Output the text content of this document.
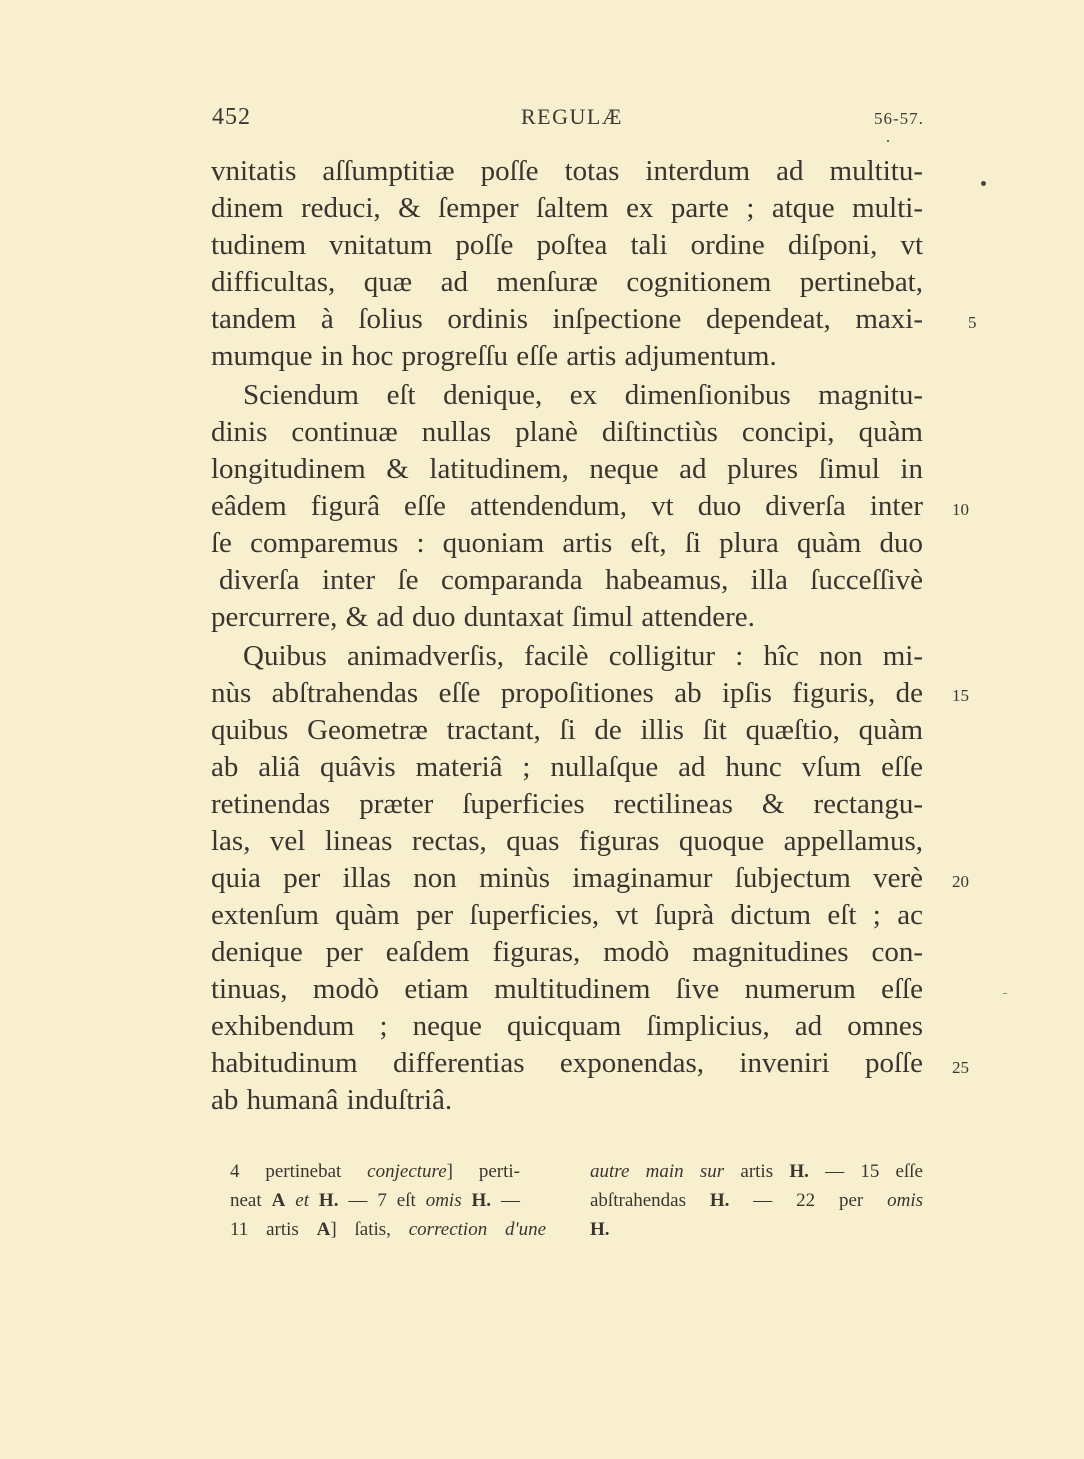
452	REGULÆ	56-57.
vnitatis aſſumptitiæ poſſe totas interdum ad multitu-
dinem reduci, & ſemper ſaltem ex parte ; atque multi-
tudinem vnitatum poſſe poſtea tali ordine diſponi, vt
difficultas, quæ ad menſuræ cognitionem pertinebat,
tandem à ſolius ordinis inſpectione dependeat, maxi-
mumque in hoc progreſſu eſſe artis adjumentum.
Sciendum eſt denique, ex dimenſionibus magnitu-
dinis continuæ nullas planè diſtinctiùs concipi, quàm
longitudinem & latitudinem, neque ad plures ſimul in
eâdem figurâ eſſe attendendum, vt duo diverſa inter
ſe comparemus : quoniam artis eſt, ſi plura quàm duo
diverſa inter ſe comparanda habeamus, illa ſucceſſivè
percurrere, & ad duo duntaxat ſimul attendere.
Quibus animadverſis, facilè colligitur : hîc non mi-
nùs abſtrahendas eſſe propoſitiones ab ipſis figuris, de
quibus Geometræ tractant, ſi de illis ſit quæſtio, quàm
ab aliâ quâvis materiâ ; nullaſque ad hunc vſum eſſe
retinendas præter ſuperficies rectilineas & rectangu-
las, vel lineas rectas, quas figuras quoque appellamus,
quia per illas non minùs imaginamur ſubjectum verè
extenſum quàm per ſuperficies, vt ſuprà dictum eſt ; ac
denique per eaſdem figuras, modò magnitudines con-
tinuas, modò etiam multitudinem ſive numerum eſſe
exhibendum ; neque quicquam ſimplicius, ad omnes
habitudinum differentias exponendas, inveniri poſſe
ab humanâ induſtriâ.
5
10
15
20
25
4 pertinebat conjecture] perti-
neat A et H. — 7 eſt omis H. —
11 artis A] ſatis, correction d'une
autre main sur artis H. — 15 eſſe
abſtrahendas H. — 22 per omis
H.
